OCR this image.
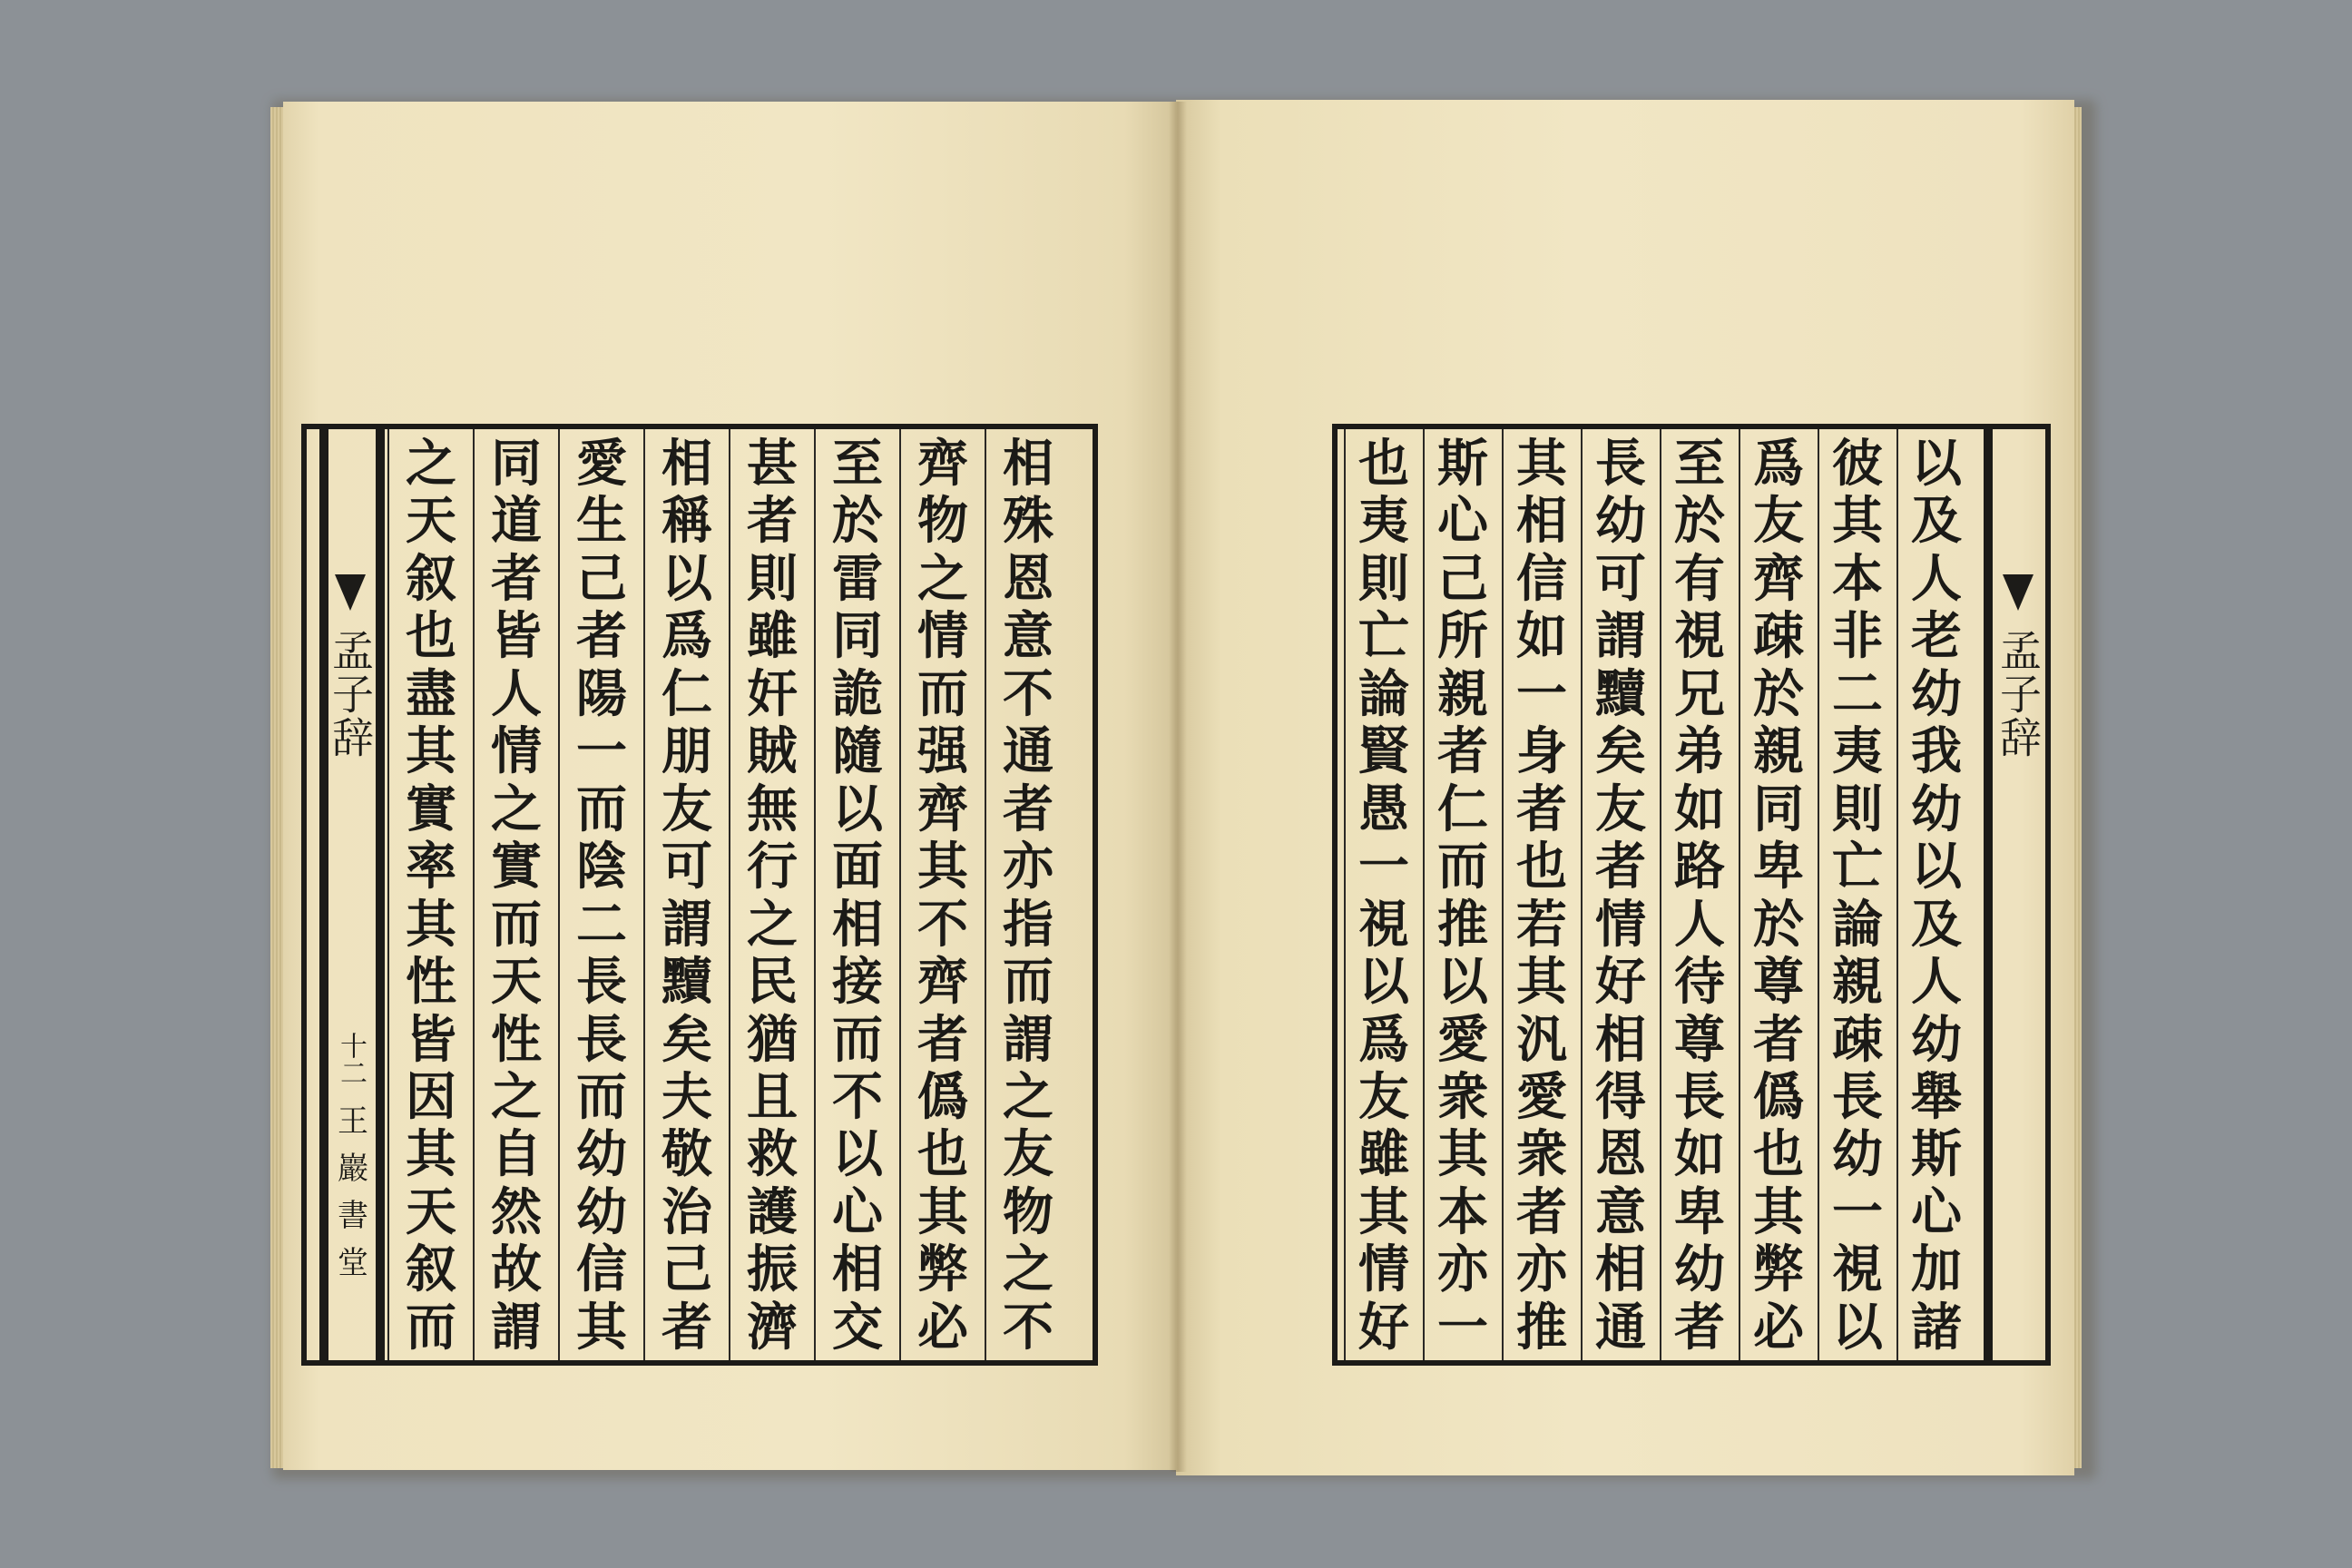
孟子辞
十二
王巖書堂
相
殊
恩
意
不
通
者
亦
指
而
謂
之
友
物
之
不
齊
物
之
情
而
强
齊
其
不
齊
者
僞
也
其
弊
必
至
於
雷
同
詭
隨
以
面
相
接
而
不
以
心
相
交
甚
者
則
雖
奸
賊
無
行
之
民
猶
且
救
護
振
濟
相
稱
以
爲
仁
朋
友
可
謂
黷
矣
夫
敬
治
己
者
愛
生
己
者
陽
一
而
陰
二
長
長
而
幼
幼
信
其
同
道
者
皆
人
情
之
實
而
天
性
之
自
然
故
謂
之
天
叙
也
盡
其
實
率
其
性
皆
因
其
天
叙
而
以
及
人
老
幼
我
幼
以
及
人
幼
舉
斯
心
加
諸
彼
其
本
非
二
夷
則
亡
論
親
疎
長
幼
一
視
以
爲
友
齊
疎
於
親
同
卑
於
尊
者
僞
也
其
弊
必
至
於
有
視
兄
弟
如
路
人
待
尊
長
如
卑
幼
者
長
幼
可
謂
黷
矣
友
者
情
好
相
得
恩
意
相
通
其
相
信
如
一
身
者
也
若
其
汎
愛
衆
者
亦
推
斯
心
己
所
親
者
仁
而
推
以
愛
衆
其
本
亦
一
也
夷
則
亡
論
賢
愚
一
視
以
爲
友
雖
其
情
好
孟子辞
